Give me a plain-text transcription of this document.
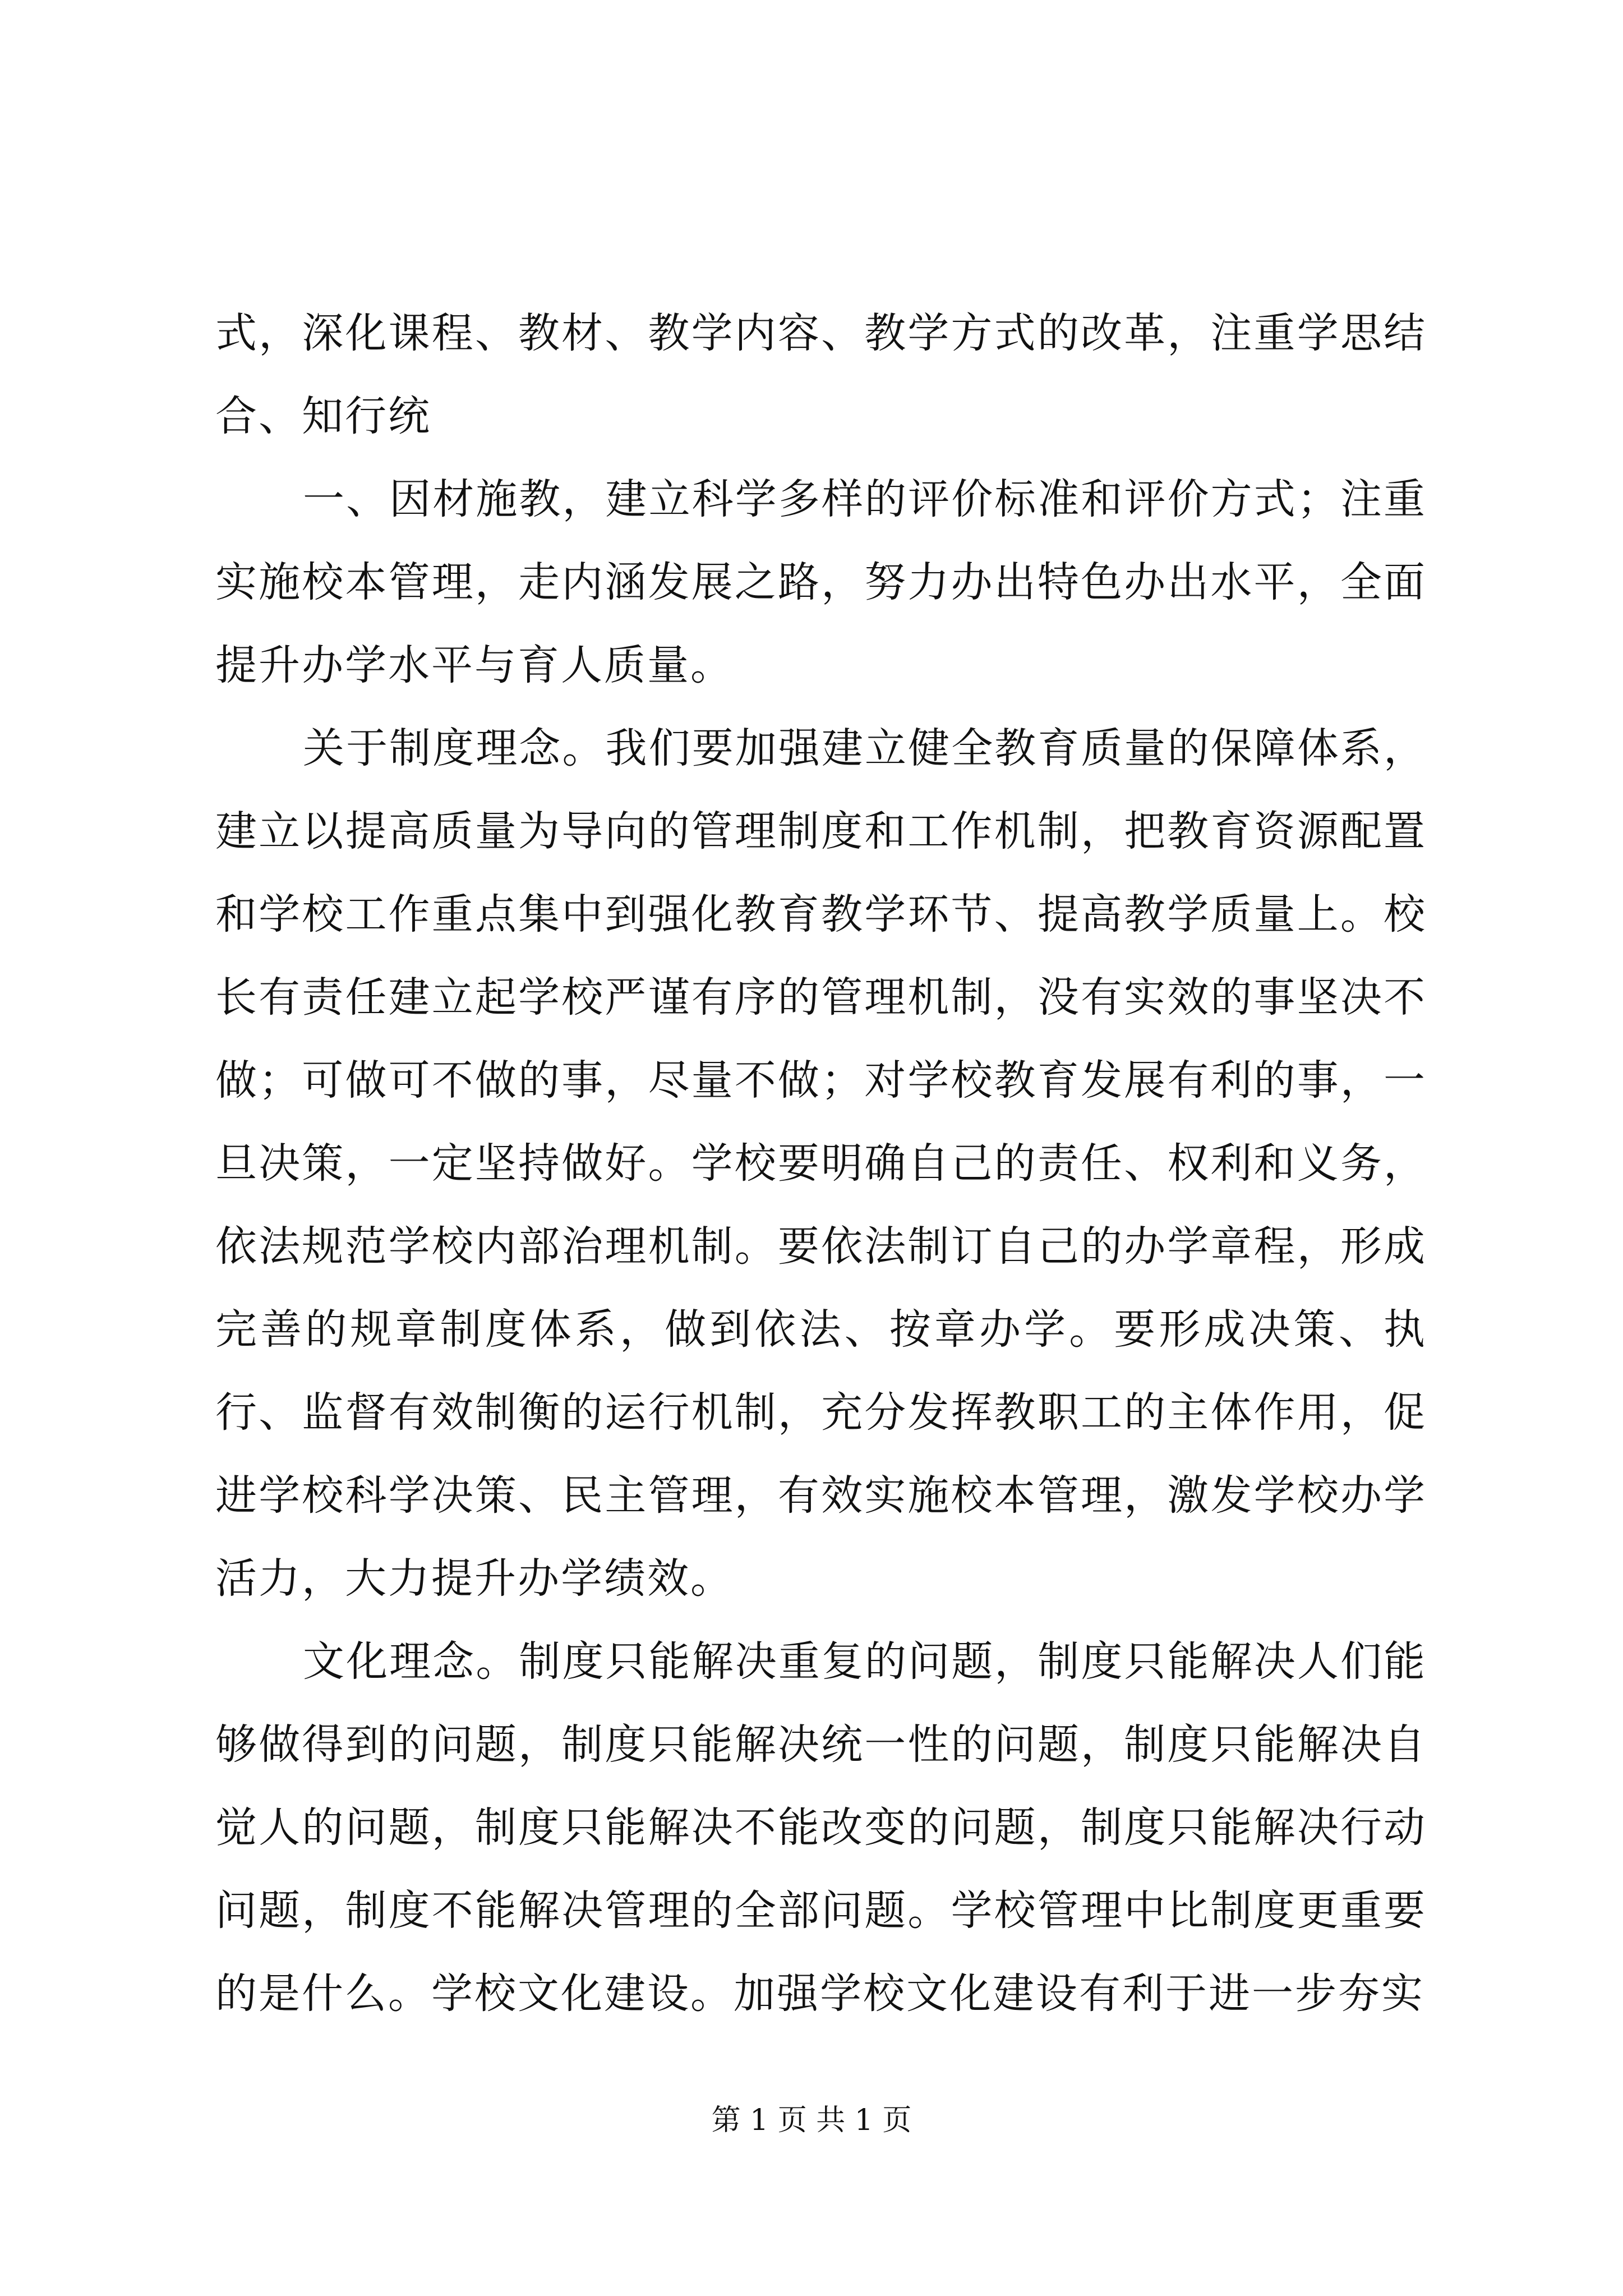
式，深化课程、教材、教学内容、教学方式的改革，注重学思结合、知行统

一、因材施教，建立科学多样的评价标准和评价方式；注重实施校本管理，走内涵发展之路，努力办出特色办出水平，全面提升办学水平与育人质量。

关于制度理念。我们要加强建立健全教育质量的保障体系，建立以提高质量为导向的管理制度和工作机制，把教育资源配置和学校工作重点集中到强化教育教学环节、提高教学质量上。校长有责任建立起学校严谨有序的管理机制，没有实效的事坚决不做；可做可不做的事，尽量不做；对学校教育发展有利的事，一旦决策，一定坚持做好。学校要明确自己的责任、权利和义务，依法规范学校内部治理机制。要依法制订自己的办学章程，形成完善的规章制度体系，做到依法、按章办学。要形成决策、执行、监督有效制衡的运行机制，充分发挥教职工的主体作用，促进学校科学决策、民主管理，有效实施校本管理，激发学校办学活力，大力提升办学绩效。

文化理念。制度只能解决重复的问题，制度只能解决人们能够做得到的问题，制度只能解决统一性的问题，制度只能解决自觉人的问题，制度只能解决不能改变的问题，制度只能解决行动问题，制度不能解决管理的全部问题。学校管理中比制度更重要的是什么。学校文化建设。加强学校文化建设有利于进一步夯实

第 1 页 共 1 页
